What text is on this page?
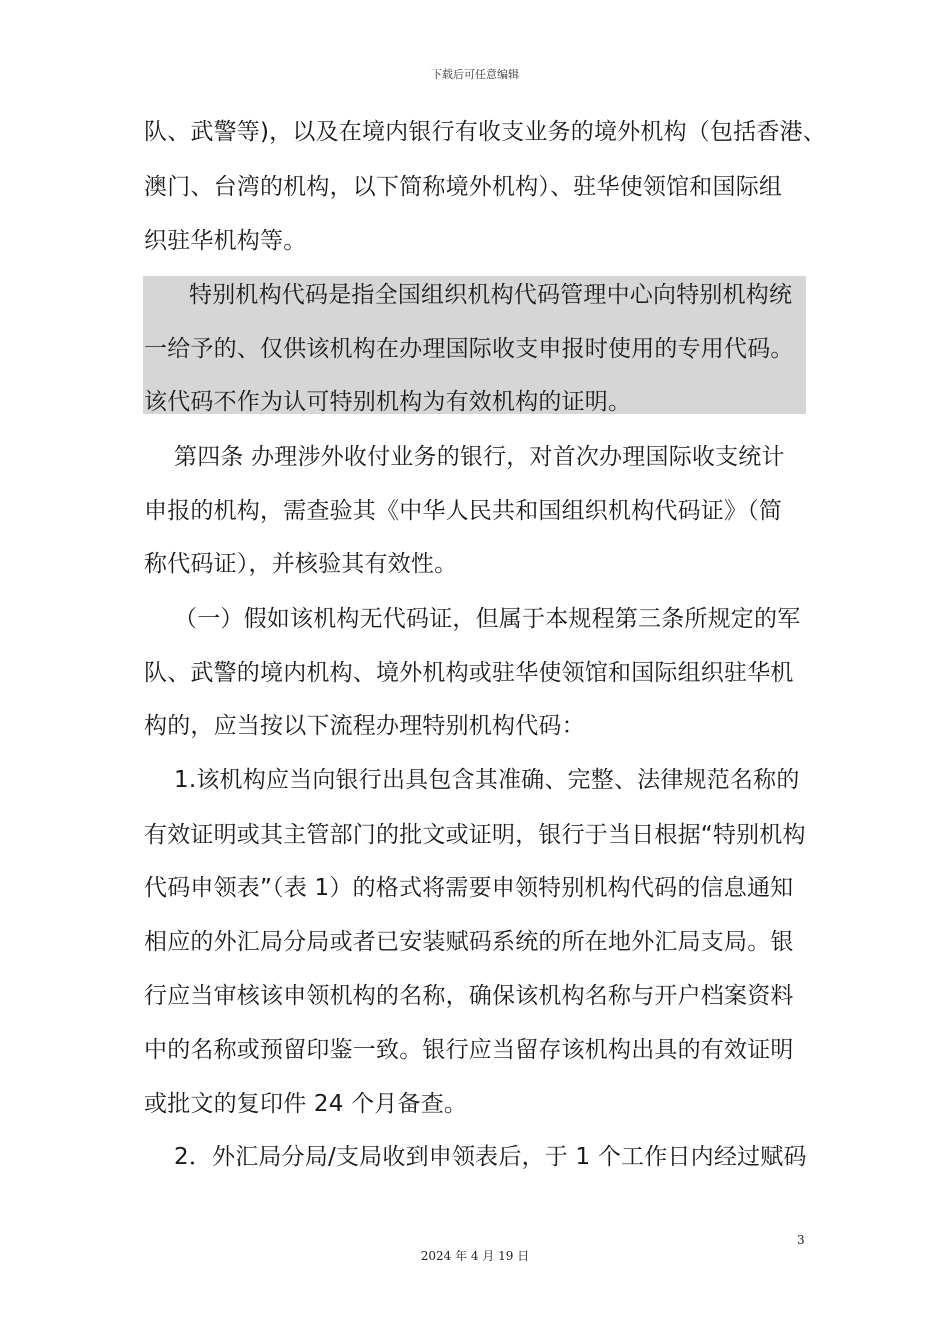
下载后可任意编辑
队、武警等)，以及在境内银行有收支业务的境外机构（包括香港、
澳门、台湾的机构，以下简称境外机构）、驻华使领馆和国际组
织驻华机构等。
特别机构代码是指全国组织机构代码管理中心向特别机构统
一给予的、仅供该机构在办理国际收支申报时使用的专用代码。
该代码不作为认可特别机构为有效机构的证明。
第四条 办理涉外收付业务的银行，对首次办理国际收支统计
申报的机构，需查验其《中华人民共和国组织机构代码证》（简
称代码证），并核验其有效性。
（一）假如该机构无代码证，但属于本规程第三条所规定的军
队、武警的境内机构、境外机构或驻华使领馆和国际组织驻华机
构的，应当按以下流程办理特别机构代码：
1.该机构应当向银行出具包含其准确、完整、法律规范名称的
有效证明或其主管部门的批文或证明，银行于当日根据“特别机构
代码申领表”（表 1）的格式将需要申领特别机构代码的信息通知
相应的外汇局分局或者已安装赋码系统的所在地外汇局支局。银
行应当审核该申领机构的名称，确保该机构名称与开户档案资料
中的名称或预留印鉴一致。银行应当留存该机构出具的有效证明
或批文的复印件 24 个月备查。
2．外汇局分局/支局收到申领表后，于 1 个工作日内经过赋码
3
2024 年 4 月 19 日
